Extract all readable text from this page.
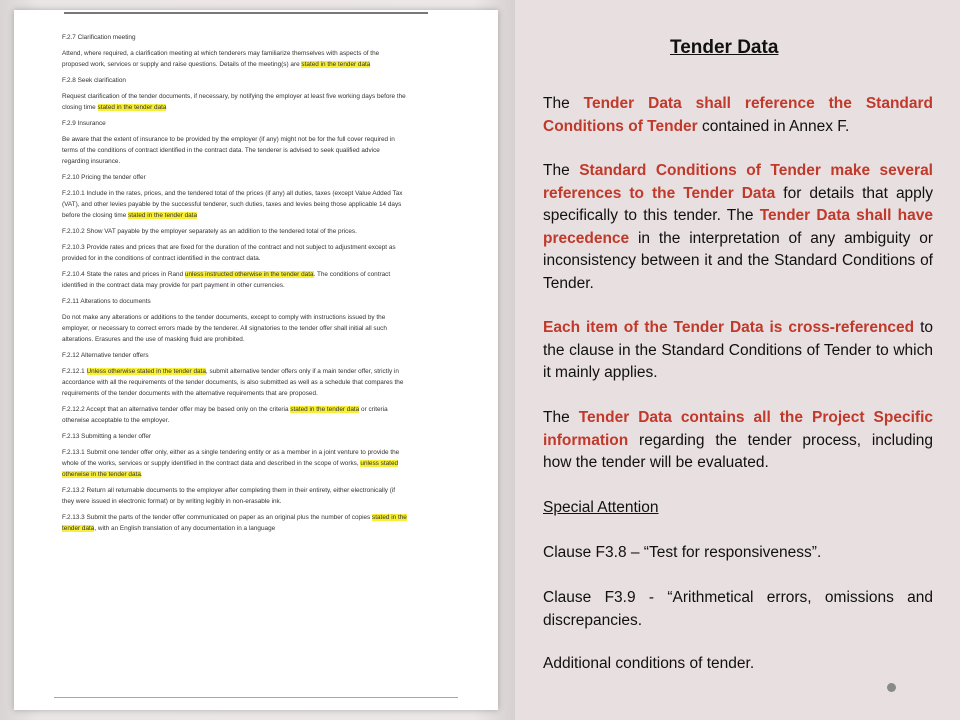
F.2.7 Clarification meeting

Attend, where required, a clarification meeting at which tenderers may familiarize themselves with aspects of the proposed work, services or supply and raise questions. Details of the meeting(s) are stated in the tender data

F.2.8 Seek clarification

Request clarification of the tender documents, if necessary, by notifying the employer at least five working days before the closing time stated in the tender data

F.2.9 Insurance

Be aware that the extent of insurance to be provided by the employer (if any) might not be for the full cover required in terms of the conditions of contract identified in the contract data. The tenderer is advised to seek qualified advice regarding insurance.

F.2.10 Pricing the tender offer

F.2.10.1 Include in the rates, prices, and the tendered total of the prices (if any) all duties, taxes (except Value Added Tax (VAT), and other levies payable by the successful tenderer, such duties, taxes and levies being those applicable 14 days before the closing time stated in the tender data

F.2.10.2 Show VAT payable by the employer separately as an addition to the tendered total of the prices.

F.2.10.3 Provide rates and prices that are fixed for the duration of the contract and not subject to adjustment except as provided for in the conditions of contract identified in the contract data.

F.2.10.4 State the rates and prices in Rand unless instructed otherwise in the tender data. The conditions of contract identified in the contract data may provide for part payment in other currencies.

F.2.11 Alterations to documents

Do not make any alterations or additions to the tender documents, except to comply with instructions issued by the employer, or necessary to correct errors made by the tenderer. All signatories to the tender offer shall initial all such alterations. Erasures and the use of masking fluid are prohibited.

F.2.12 Alternative tender offers

F.2.12.1 Unless otherwise stated in the tender data, submit alternative tender offers only if a main tender offer, strictly in accordance with all the requirements of the tender documents, is also submitted as well as a schedule that compares the requirements of the tender documents with the alternative requirements that are proposed.

F.2.12.2 Accept that an alternative tender offer may be based only on the criteria stated in the tender data or criteria otherwise acceptable to the employer.

F.2.13 Submitting a tender offer

F.2.13.1 Submit one tender offer only, either as a single tendering entity or as a member in a joint venture to provide the whole of the works, services or supply identified in the contract data and described in the scope of works, unless stated otherwise in the tender data.

F.2.13.2 Return all returnable documents to the employer after completing them in their entirety, either electronically (if they were issued in electronic format) or by writing legibly in non-erasable ink.

F.2.13.3 Submit the parts of the tender offer communicated on paper as an original plus the number of copies stated in the tender data, with an English translation of any documentation in a language

Tender Data

The Tender Data shall reference the Standard Conditions of Tender contained in Annex F.

The Standard Conditions of Tender make several references to the Tender Data for details that apply specifically to this tender. The Tender Data shall have precedence in the interpretation of any ambiguity or inconsistency between it and the Standard Conditions of Tender.

Each item of the Tender Data is cross-referenced to the clause in the Standard Conditions of Tender to which it mainly applies.

The Tender Data contains all the Project Specific information regarding the tender process, including how the tender will be evaluated.

Special Attention

Clause F3.8 – “Test for responsiveness”.

Clause F3.9 - “Arithmetical errors, omissions and discrepancies.

Additional conditions of tender.
